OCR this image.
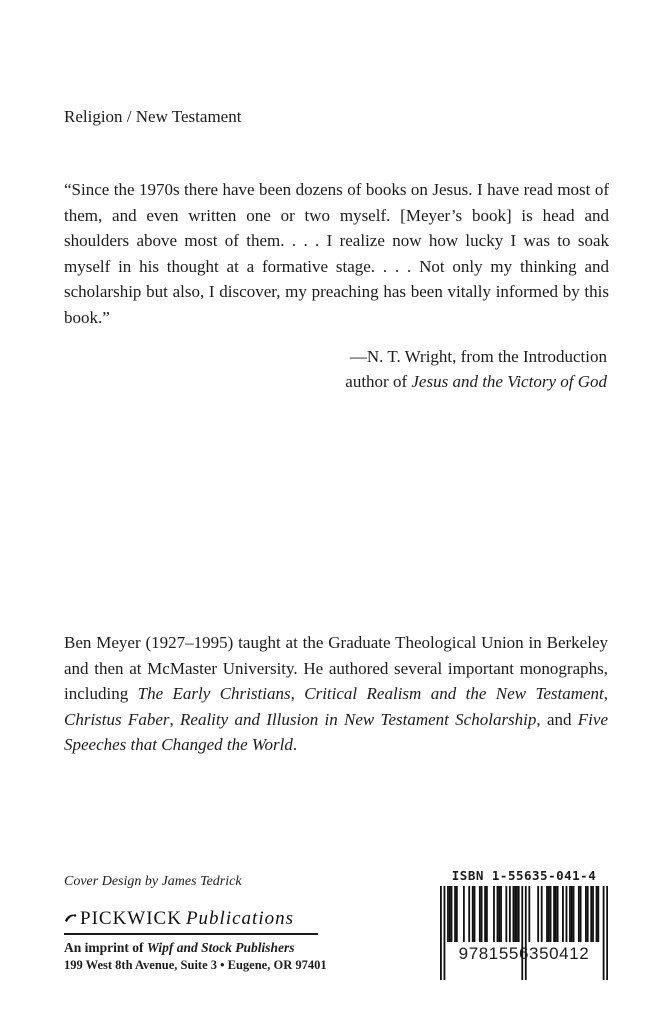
Religion / New Testament

“Since the 1970s there have been dozens of books on Jesus. I have read most of them, and even written one or two myself. [Meyer’s book] is head and shoulders above most of them. . . . I realize now how lucky I was to soak myself in his thought at a formative stage. . . . Not only my thinking and scholarship but also, I discover, my preaching has been vitally informed by this book.”

—N. T. Wright, from the Introduction
author of Jesus and the Victory of God

Ben Meyer (1927–1995) taught at the Graduate Theological Union in Berkeley and then at McMaster University. He authored several important monographs, including The Early Christians, Critical Realism and the New Testament, Christus Faber, Reality and Illusion in New Testament Scholarship, and Five Speeches that Changed the World.

Cover Design by James Tedrick
PICKWICK Publications
An imprint of Wipf and Stock Publishers
199 West 8th Avenue, Suite 3 • Eugene, OR 97401
ISBN 1-55635-041-4
9781556350412
